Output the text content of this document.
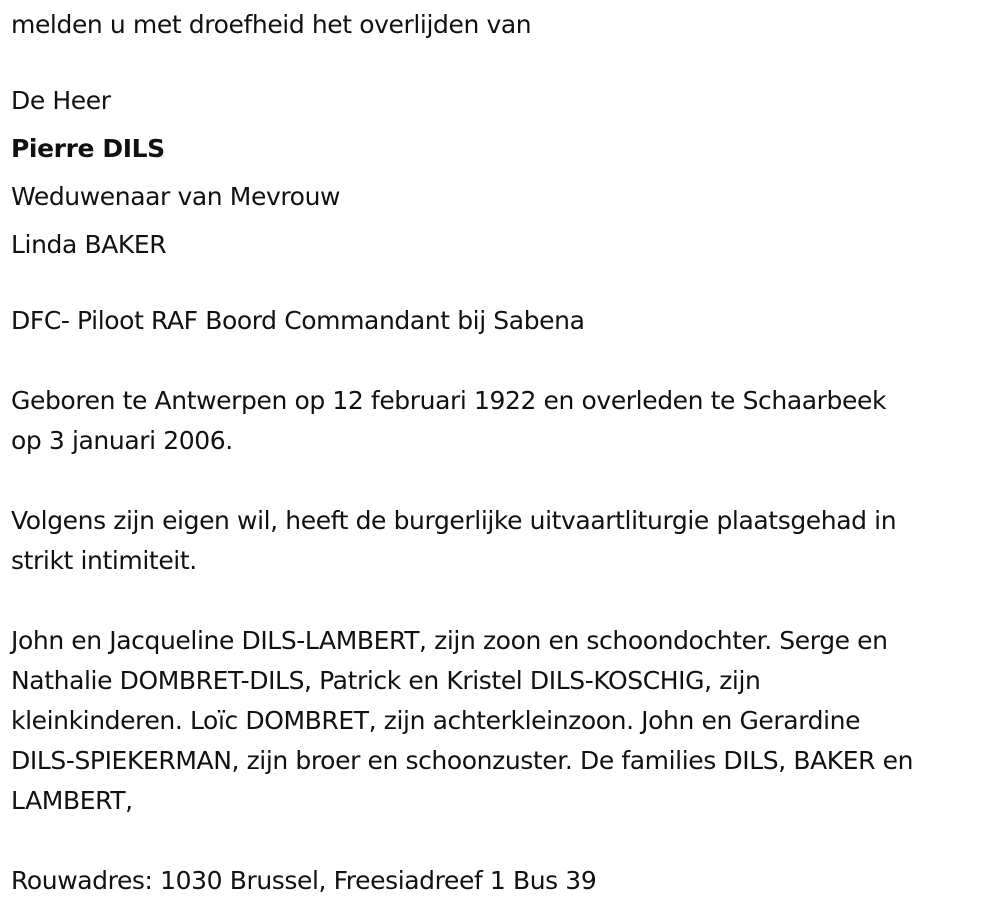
melden u met droefheid het overlijden van

De Heer

Pierre DILS

Weduwenaar van Mevrouw

Linda BAKER

DFC- Piloot RAF Boord Commandant bij Sabena

Geboren te Antwerpen op 12 februari 1922 en overleden te Schaarbeek

op 3 januari 2006.

Volgens zijn eigen wil, heeft de burgerlijke uitvaartliturgie plaatsgehad in

strikt intimiteit.

John en Jacqueline DILS-LAMBERT, zijn zoon en schoondochter. Serge en

Nathalie DOMBRET-DILS, Patrick en Kristel DILS-KOSCHIG, zijn

kleinkinderen. Loïc DOMBRET, zijn achterkleinzoon. John en Gerardine

DILS-SPIEKERMAN, zijn broer en schoonzuster. De families DILS, BAKER en

LAMBERT,

Rouwadres: 1030 Brussel, Freesiadreef 1 Bus 39
